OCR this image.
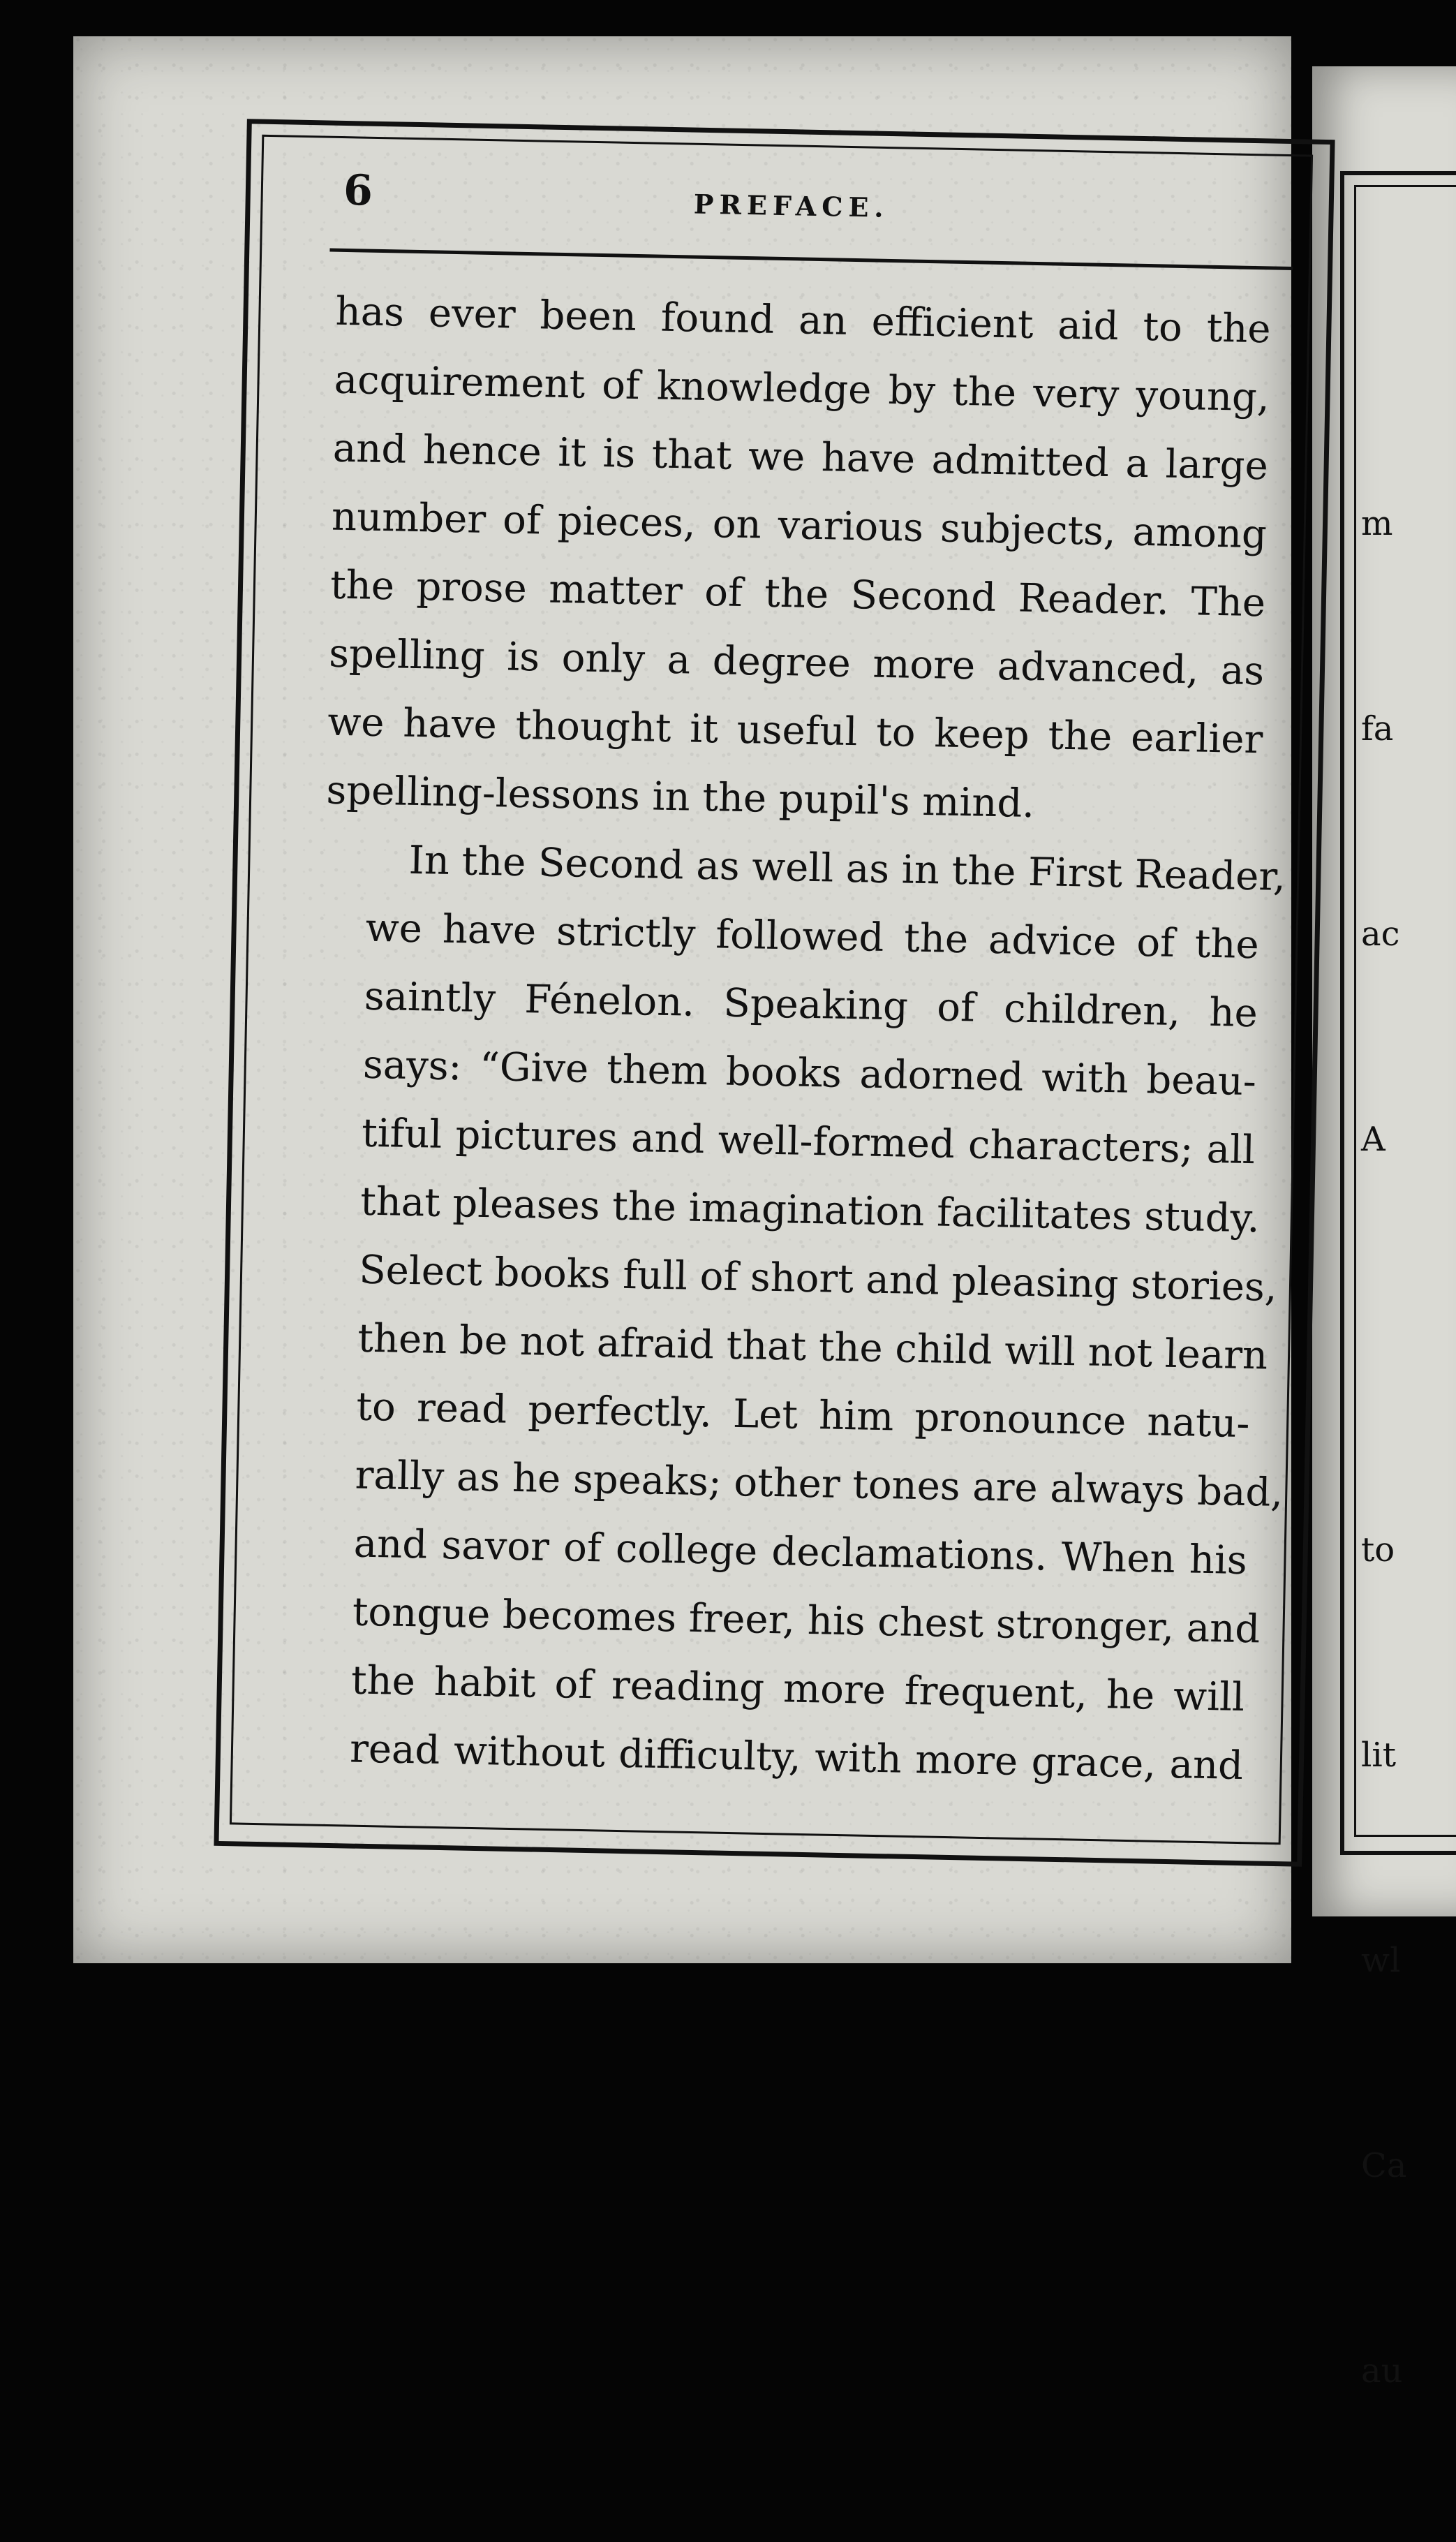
m

fa

ac

A

to

lit

wl

Ca

au

6	PREFACE.

has ever been found an efficient aid to the
acquirement of knowledge by the very young,
and hence it is that we have admitted a large
number of pieces, on various subjects, among
the prose matter of the Second Reader. The
spelling is only a degree more advanced, as
we have thought it useful to keep the earlier
spelling-lessons in the pupil's mind.

In the Second as well as in the First Reader,
we have strictly followed the advice of the
saintly Fénelon. Speaking of children, he
says: “Give them books adorned with beau-
tiful pictures and well-formed characters; all
that pleases the imagination facilitates study.
Select books full of short and pleasing stories,
then be not afraid that the child will not learn
to read perfectly. Let him pronounce natu-
rally as he speaks; other tones are always bad,
and savor of college declamations. When his
tongue becomes freer, his chest stronger, and
the habit of reading more frequent, he will
read without difficulty, with more grace, and
